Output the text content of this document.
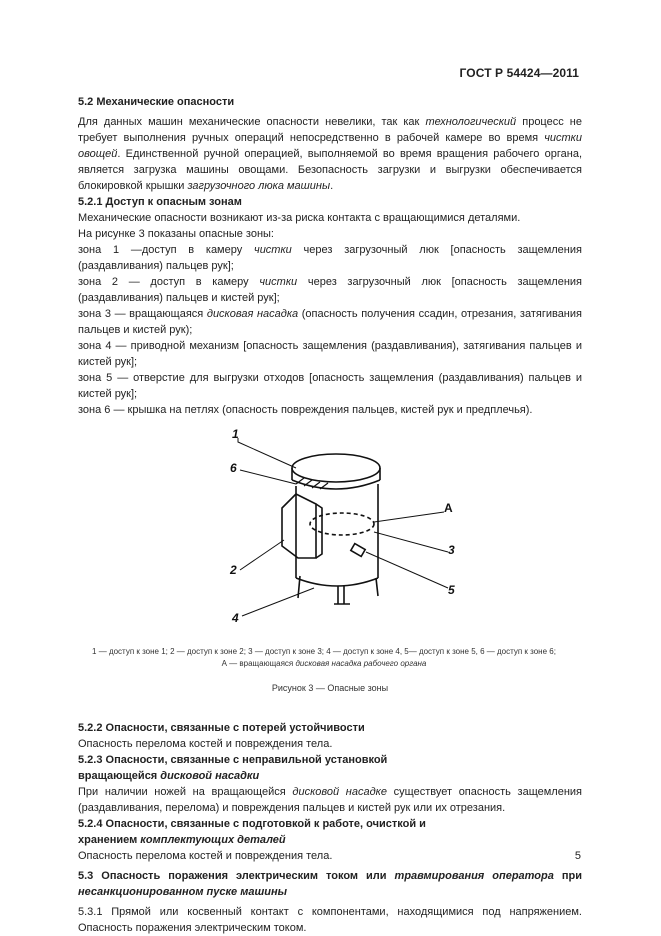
ГОСТ Р 54424—2011

5.2 Механические опасности

Для данных машин механические опасности невелики, так как технологический процесс не требует выполнения ручных операций непосредственно в рабочей камере во время чистки овощей. Единственной ручной операцией, выполняемой во время вращения рабочего органа, является загрузка машины овощами. Безопасность загрузки и выгрузки обеспечивается блокировкой крышки загрузочного люка машины.

5.2.1 Доступ к опасным зонам

Механические опасности возникают из-за риска контакта с вращающимися деталями.

На рисунке 3 показаны опасные зоны:

зона 1 —доступ в камеру чистки через загрузочный люк [опасность защемления (раздавливания) пальцев рук];

зона 2 — доступ в камеру чистки через загрузочный люк [опасность защемления (раздавливания) пальцев и кистей рук];

зона 3 — вращающаяся дисковая насадка (опасность получения ссадин, отрезания, затягивания пальцев и кистей рук);

зона 4 — приводной механизм [опасность защемления (раздавливания), затягивания пальцев и кистей рук];

зона 5 — отверстие для выгрузки отходов [опасность защемления (раздавливания) пальцев и кистей рук];

зона 6 — крышка на петлях (опасность повреждения пальцев, кистей рук и предплечья).

1
6
A
2
3
5
4
1 — доступ к зоне 1; 2 — доступ к зоне 2; 3 — доступ к зоне 3; 4 — доступ к зоне 4, 5— доступ к зоне 5, 6 — доступ к зоне 6;
А — вращающаяся дисковая насадка рабочего органа

Рисунок 3 — Опасные зоны

5.2.2 Опасности, связанные с потерей устойчивости

Опасность перелома костей и повреждения тела.

5.2.3 Опасности, связанные с неправильной установкой

вращающейся дисковой насадки

При наличии ножей на вращающейся дисковой насадке существует опасность защемления (раздавливания, перелома) и повреждения пальцев и кистей рук или их отрезания.

5.2.4 Опасности, связанные с подготовкой к работе, очисткой и

хранением комплектующих деталей

Опасность перелома костей и повреждения тела.

5.3 Опасность поражения электрическим током или травмирования оператора при несанкционированном пуске машины

5.3.1 Прямой или косвенный контакт с компонентами, находящимися под напряжением. Опасность поражения электрическим током.

5
